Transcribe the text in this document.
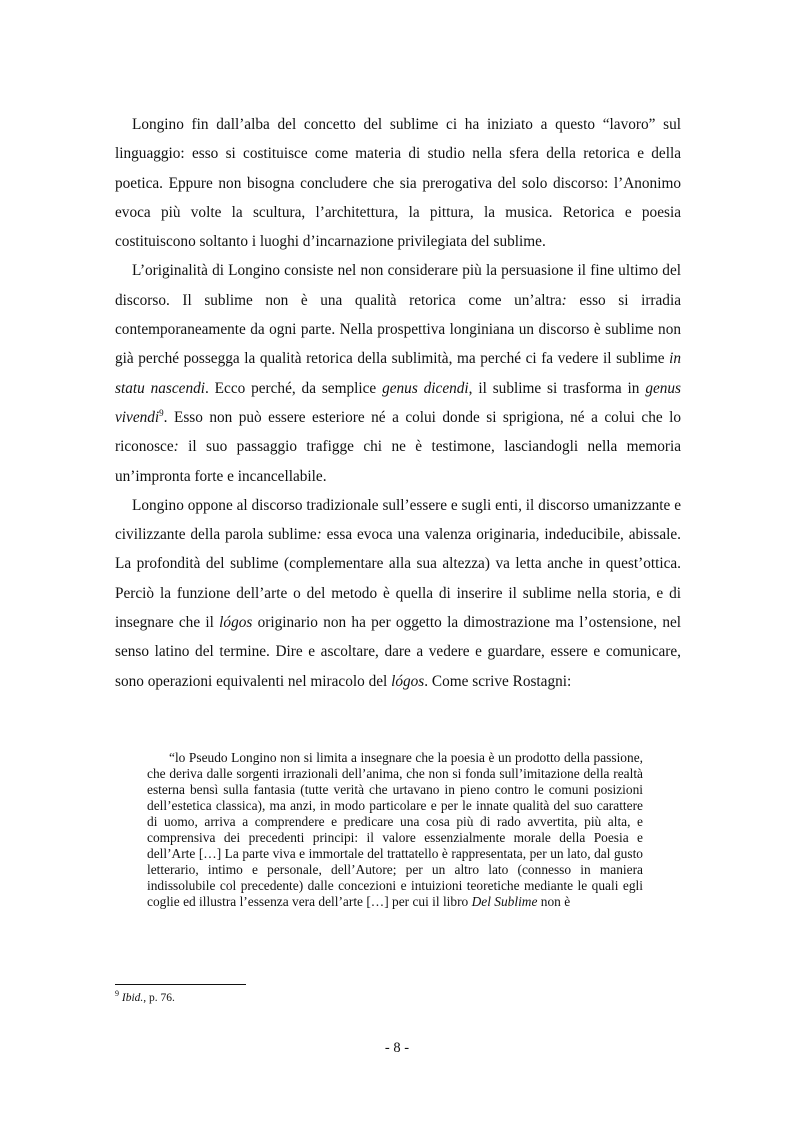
Longino fin dall’alba del concetto del sublime ci ha iniziato a questo “lavoro” sul linguaggio: esso si costituisce come materia di studio nella sfera della retorica e della poetica. Eppure non bisogna concludere che sia prerogativa del solo discorso: l’Anonimo evoca più volte la scultura, l’architettura, la pittura, la musica. Retorica e poesia costituiscono soltanto i luoghi d’incarnazione privilegiata del sublime.

L’originalità di Longino consiste nel non considerare più la persuasione il fine ultimo del discorso. Il sublime non è una qualità retorica come un’altra: esso si irradia contemporaneamente da ogni parte. Nella prospettiva longiniana un discorso è sublime non già perché possegga la qualità retorica della sublimità, ma perché ci fa vedere il sublime in statu nascendi. Ecco perché, da semplice genus dicendi, il sublime si trasforma in genus vivendi$^9$. Esso non può essere esteriore né a colui donde si sprigiona, né a colui che lo riconosce: il suo passaggio trafigge chi ne è testimone, lasciandogli nella memoria un’impronta forte e incancellabile.

Longino oppone al discorso tradizionale sull’essere e sugli enti, il discorso umanizzante e civilizzante della parola sublime: essa evoca una valenza originaria, indeducibile, abissale. La profondità del sublime (complementare alla sua altezza) va letta anche in quest’ottica. Perciò la funzione dell’arte o del metodo è quella di inserire il sublime nella storia, e di insegnare che il lógos originario non ha per oggetto la dimostrazione ma l’ostensione, nel senso latino del termine. Dire e ascoltare, dare a vedere e guardare, essere e comunicare, sono operazioni equivalenti nel miracolo del lógos. Come scrive Rostagni:

“lo Pseudo Longino non si limita a insegnare che la poesia è un prodotto della passione, che deriva dalle sorgenti irrazionali dell’anima, che non si fonda sull’imitazione della realtà esterna bensì sulla fantasia (tutte verità che urtavano in pieno contro le comuni posizioni dell’estetica classica), ma anzi, in modo particolare e per le innate qualità del suo carattere di uomo, arriva a comprendere e predicare una cosa più di rado avvertita, più alta, e comprensiva dei precedenti principi: il valore essenzialmente morale della Poesia e dell’Arte […] La parte viva e immortale del trattatello è rappresentata, per un lato, dal gusto letterario, intimo e personale, dell’Autore; per un altro lato (connesso in maniera indissolubile col precedente) dalle concezioni e intuizioni teoretiche mediante le quali egli coglie ed illustra l’essenza vera dell’arte […] per cui il libro Del Sublime non è

$^9$ Ibid., p. 76.

- 8 -
